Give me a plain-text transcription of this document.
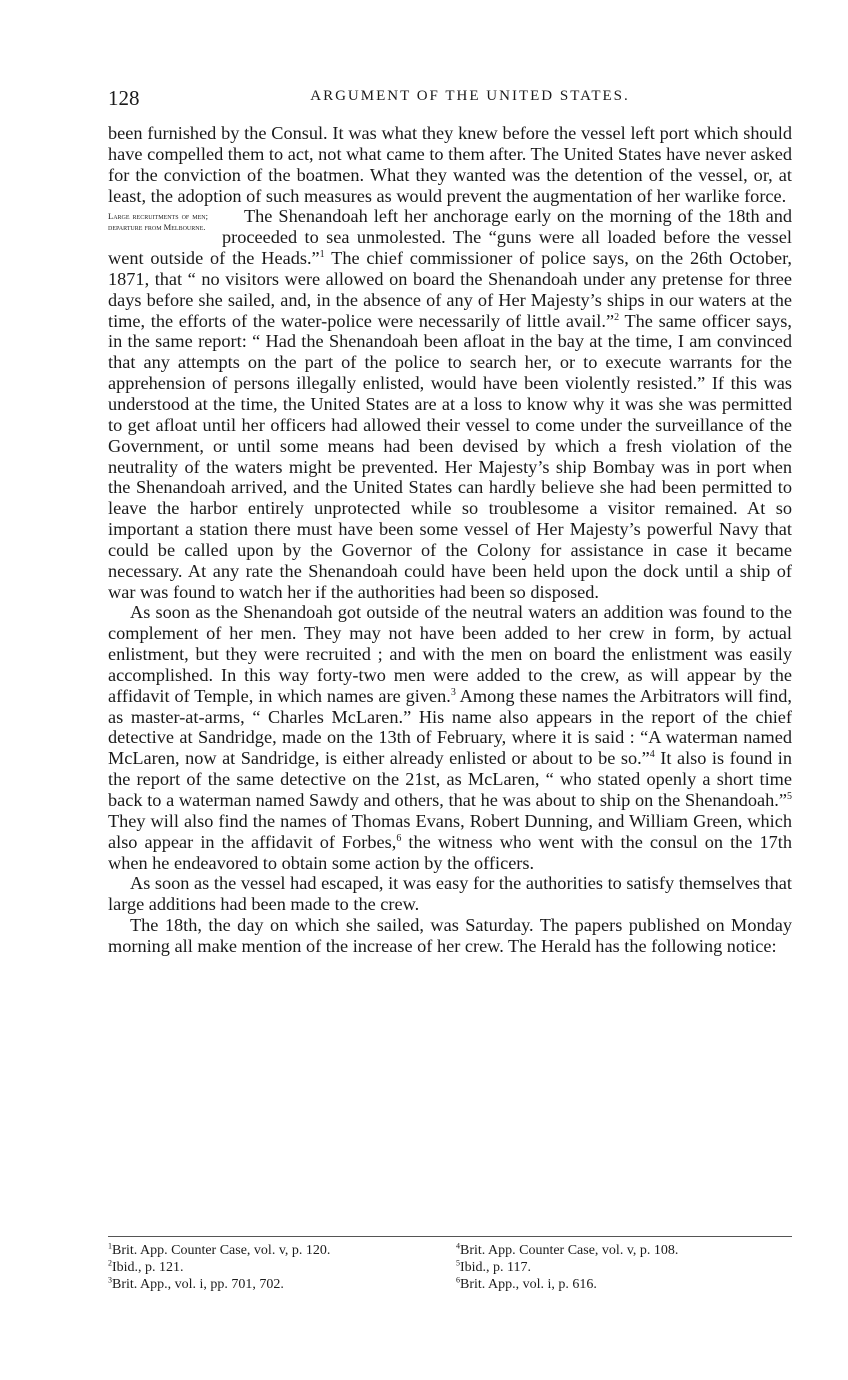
128	ARGUMENT OF THE UNITED STATES.

been furnished by the Consul. It was what they knew before the vessel left port which should have compelled them to act, not what came to them after. The United States have never asked for the conviction of the boatmen. What they wanted was the detention of the vessel, or, at least, the adoption of such measures as would prevent the augmentation of her warlike force.

Large recruitments of men; departure from Melbourne.
The Shenandoah left her anchorage early on the morning of the 18th and proceeded to sea unmolested. The “guns were all loaded before the vessel went outside of the Heads.”$^1$ The chief commissioner of police says, on the 26th October, 1871, that “ no visitors were allowed on board the Shenandoah under any pretense for three days before she sailed, and, in the absence of any of Her Majesty’s ships in our waters at the time, the efforts of the water-police were necessarily of little avail.”$^2$ The same officer says, in the same report: “ Had the Shenandoah been afloat in the bay at the time, I am convinced that any attempts on the part of the police to search her, or to execute warrants for the apprehension of persons illegally enlisted, would have been violently resisted.” If this was understood at the time, the United States are at a loss to know why it was she was permitted to get afloat until her officers had allowed their vessel to come under the surveillance of the Government, or until some means had been devised by which a fresh violation of the neutrality of the waters might be prevented. Her Majesty’s ship Bombay was in port when the Shenandoah arrived, and the United States can hardly believe she had been permitted to leave the harbor entirely unprotected while so troublesome a visitor remained. At so important a station there must have been some vessel of Her Majesty’s powerful Navy that could be called upon by the Governor of the Colony for assistance in case it became necessary. At any rate the Shenandoah could have been held upon the dock until a ship of war was found to watch her if the authorities had been so disposed.

As soon as the Shenandoah got outside of the neutral waters an addition was found to the complement of her men. They may not have been added to her crew in form, by actual enlistment, but they were recruited ; and with the men on board the enlistment was easily accomplished. In this way forty-two men were added to the crew, as will appear by the affidavit of Temple, in which names are given.$^3$ Among these names the Arbitrators will find, as master-at-arms, “ Charles McLaren.” His name also appears in the report of the chief detective at Sandridge, made on the 13th of February, where it is said : “A waterman named McLaren, now at Sandridge, is either already enlisted or about to be so.”$^4$ It also is found in the report of the same detective on the 21st, as McLaren, “ who stated openly a short time back to a waterman named Sawdy and others, that he was about to ship on the Shenandoah.”$^5$ They will also find the names of Thomas Evans, Robert Dunning, and William Green, which also appear in the affidavit of Forbes,$^6$ the witness who went with the consul on the 17th when he endeavored to obtain some action by the officers.

As soon as the vessel had escaped, it was easy for the authorities to satisfy themselves that large additions had been made to the crew.

The 18th, the day on which she sailed, was Saturday. The papers published on Monday morning all make mention of the increase of her crew. The Herald has the following notice:

$^1$Brit. App. Counter Case, vol. v, p. 120.
$^2$Ibid., p. 121.
$^3$Brit. App., vol. i, pp. 701, 702.
$^4$Brit. App. Counter Case, vol. v, p. 108.
$^5$Ibid., p. 117.
$^6$Brit. App., vol. i, p. 616.
